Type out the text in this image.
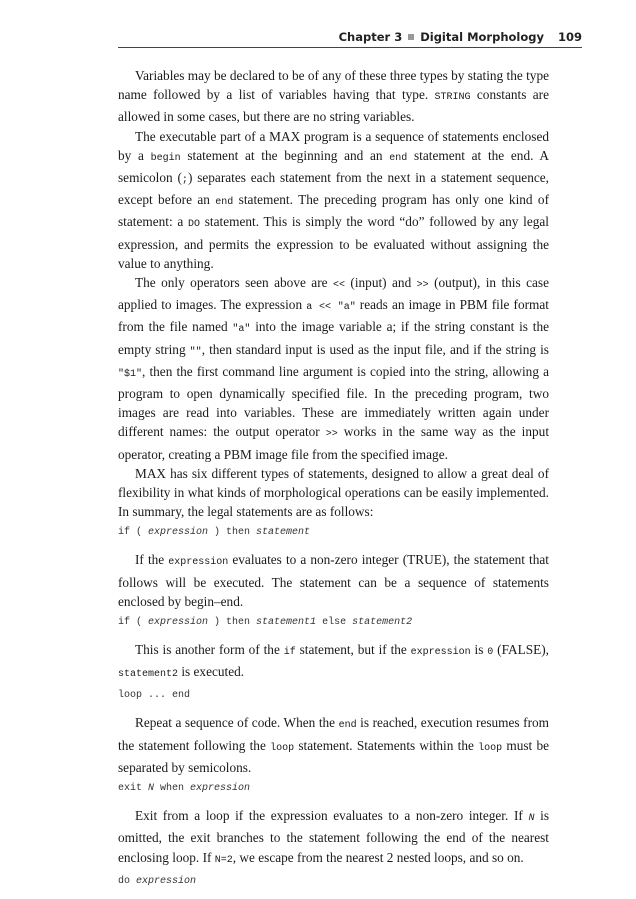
Chapter 3 Digital Morphology 109

Variables may be declared to be of any of these three types by stating the type name followed by a list of variables having that type. STRING constants are allowed in some cases, but there are no string variables.

The executable part of a MAX program is a sequence of statements enclosed by a begin statement at the beginning and an end statement at the end. A semicolon (;) separates each statement from the next in a statement sequence, except before an end statement. The preceding program has only one kind of statement: a DO statement. This is simply the word “do” followed by any legal expression, and permits the expression to be evaluated without assigning the value to anything.

The only operators seen above are << (input) and >> (output), in this case applied to images. The expression a << "a" reads an image in PBM file format from the file named "a" into the image variable a; if the string constant is the empty string "", then standard input is used as the input file, and if the string is "$1", then the first command line argument is copied into the string, allowing a program to open dynamically specified file. In the preceding program, two images are read into variables. These are immediately written again under different names: the output operator >> works in the same way as the input operator, creating a PBM image file from the specified image.

MAX has six different types of statements, designed to allow a great deal of flexibility in what kinds of morphological operations can be easily implemented. In summary, the legal statements are as follows:

if ( expression ) then statement

If the expression evaluates to a non-zero integer (TRUE), the statement that follows will be executed. The statement can be a sequence of statements enclosed by begin–end.

if ( expression ) then statement1 else statement2

This is another form of the if statement, but if the expression is 0 (FALSE), statement2 is executed.

loop ... end

Repeat a sequence of code. When the end is reached, execution resumes from the statement following the loop statement. Statements within the loop must be separated by semicolons.

exit N when expression

Exit from a loop if the expression evaluates to a non-zero integer. If N is omitted, the exit branches to the statement following the end of the nearest enclosing loop. If N=2, we escape from the nearest 2 nested loops, and so on.

do expression
